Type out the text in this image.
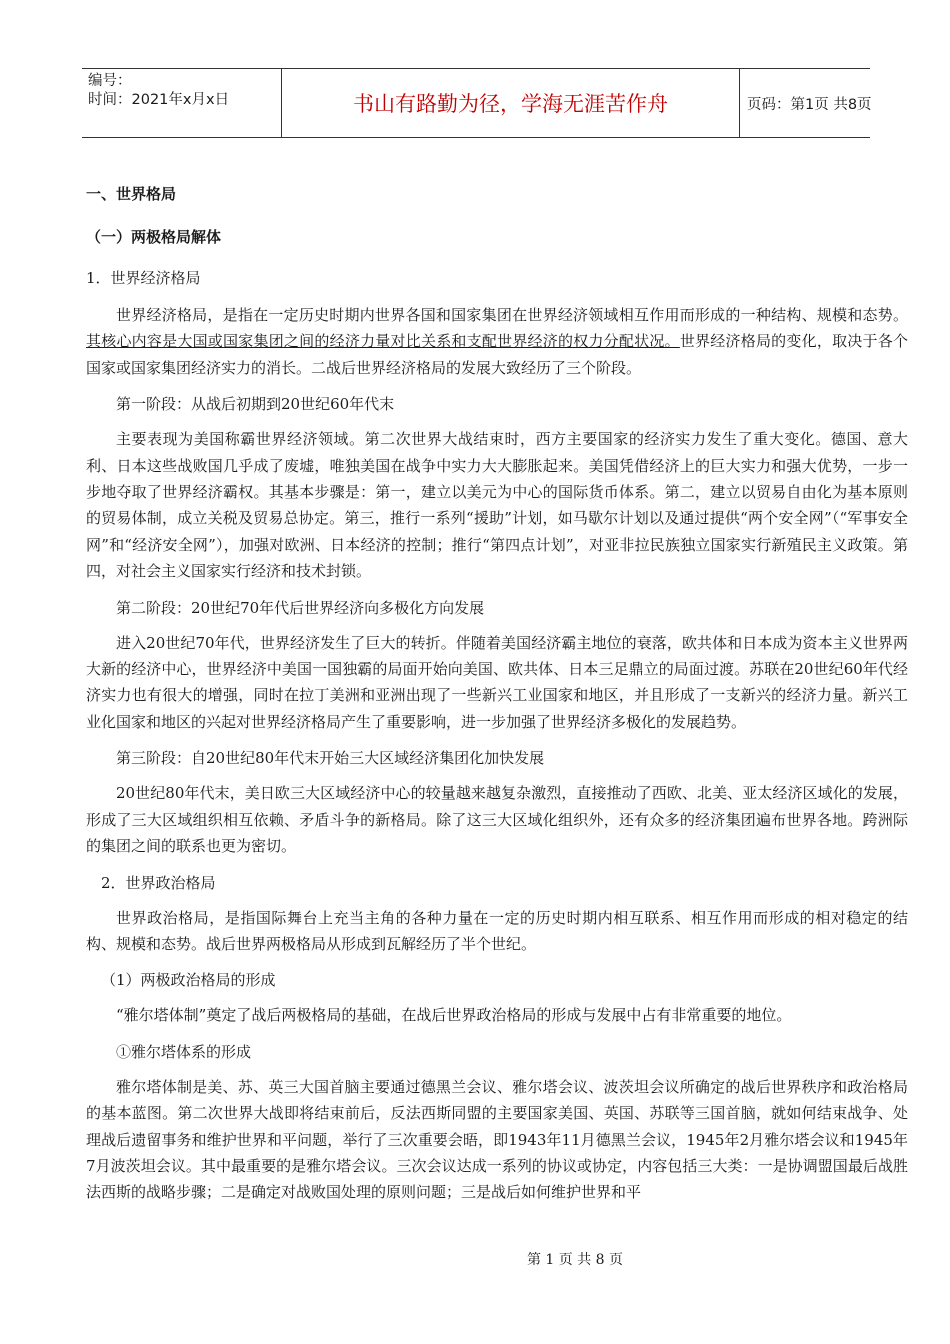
编号：
时间：2021年x月x日	书山有路勤为径，学海无涯苦作舟	页码：第1页 共8页
一、世界格局
（一）两极格局解体
1．世界经济格局

世界经济格局，是指在一定历史时期内世界各国和国家集团在世界经济领域相互作用而形成的一种结构、规模和态势。其核心内容是大国或国家集团之间的经济力量对比关系和支配世界经济的权力分配状况。世界经济格局的变化，取决于各个国家或国家集团经济实力的消长。二战后世界经济格局的发展大致经历了三个阶段。

第一阶段：从战后初期到20世纪60年代末

主要表现为美国称霸世界经济领域。第二次世界大战结束时，西方主要国家的经济实力发生了重大变化。德国、意大利、日本这些战败国几乎成了废墟，唯独美国在战争中实力大大膨胀起来。美国凭借经济上的巨大实力和强大优势，一步一步地夺取了世界经济霸权。其基本步骤是：第一，建立以美元为中心的国际货币体系。第二，建立以贸易自由化为基本原则的贸易体制，成立关税及贸易总协定。第三，推行一系列“援助”计划，如马歇尔计划以及通过提供“两个安全网”（“军事安全网”和“经济安全网”），加强对欧洲、日本经济的控制；推行“第四点计划”，对亚非拉民族独立国家实行新殖民主义政策。第四，对社会主义国家实行经济和技术封锁。

第二阶段：20世纪70年代后世界经济向多极化方向发展

进入20世纪70年代，世界经济发生了巨大的转折。伴随着美国经济霸主地位的衰落，欧共体和日本成为资本主义世界两大新的经济中心，世界经济中美国一国独霸的局面开始向美国、欧共体、日本三足鼎立的局面过渡。苏联在20世纪60年代经济实力也有很大的增强，同时在拉丁美洲和亚洲出现了一些新兴工业国家和地区，并且形成了一支新兴的经济力量。新兴工业化国家和地区的兴起对世界经济格局产生了重要影响，进一步加强了世界经济多极化的发展趋势。

第三阶段：自20世纪80年代末开始三大区域经济集团化加快发展

20世纪80年代末，美日欧三大区域经济中心的较量越来越复杂激烈，直接推动了西欧、北美、亚太经济区域化的发展，形成了三大区域组织相互依赖、矛盾斗争的新格局。除了这三大区域化组织外，还有众多的经济集团遍布世界各地。跨洲际的集团之间的联系也更为密切。

2．世界政治格局

世界政治格局，是指国际舞台上充当主角的各种力量在一定的历史时期内相互联系、相互作用而形成的相对稳定的结构、规模和态势。战后世界两极格局从形成到瓦解经历了半个世纪。

（1）两极政治格局的形成

“雅尔塔体制”奠定了战后两极格局的基础，在战后世界政治格局的形成与发展中占有非常重要的地位。

①雅尔塔体系的形成

雅尔塔体制是美、苏、英三大国首脑主要通过德黑兰会议、雅尔塔会议、波茨坦会议所确定的战后世界秩序和政治格局的基本蓝图。第二次世界大战即将结束前后，反法西斯同盟的主要国家美国、英国、苏联等三国首脑，就如何结束战争、处理战后遗留事务和维护世界和平问题，举行了三次重要会晤，即1943年11月德黑兰会议，1945年2月雅尔塔会议和1945年7月波茨坦会议。其中最重要的是雅尔塔会议。三次会议达成一系列的协议或协定，内容包括三大类：一是协调盟国最后战胜法西斯的战略步骤；二是确定对战败国处理的原则问题；三是战后如何维护世界和平

第 1 页 共 8 页
